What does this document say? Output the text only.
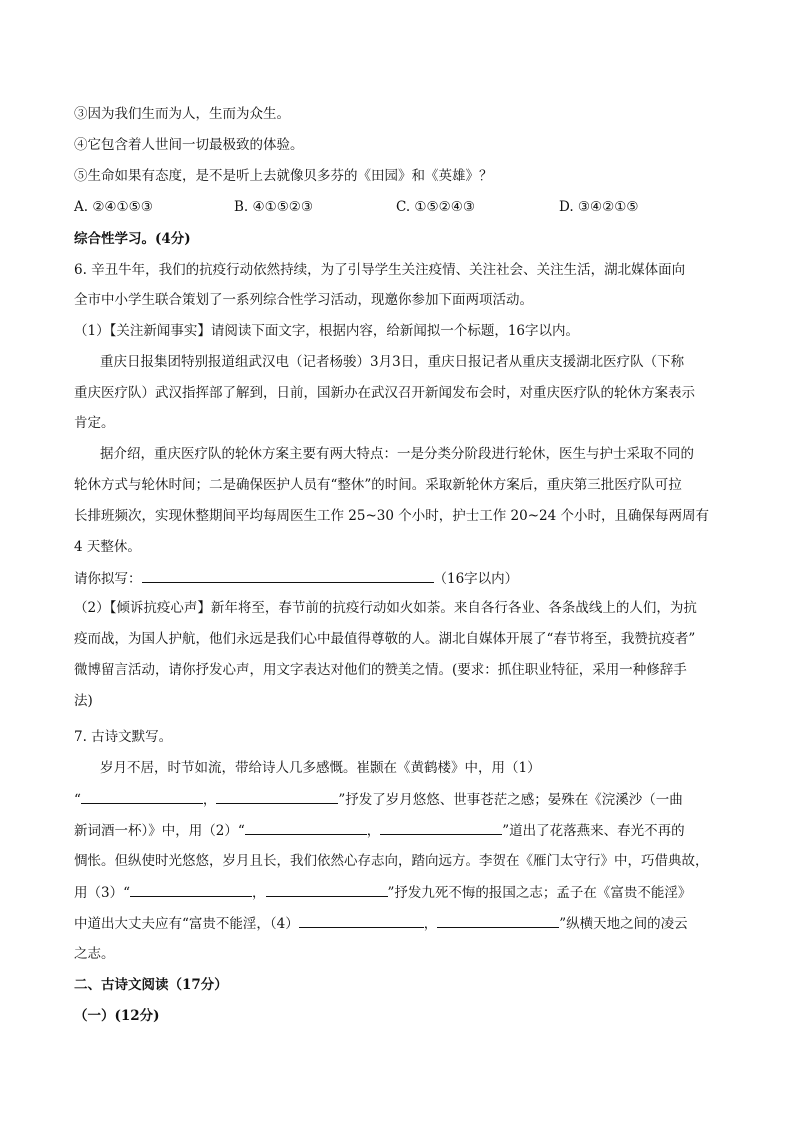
③因为我们生而为人，生而为众生。
④它包含着人世间一切最极致的体验。
⑤生命如果有态度，是不是听上去就像贝多芬的《田园》和《英雄》？
A. ②④①⑤③	B. ④①⑤②③	C. ①⑤②④③	D. ③④②①⑤
综合性学习。(4分)
6. 辛丑牛年，我们的抗疫行动依然持续，为了引导学生关注疫情、关注社会、关注生活，湖北媒体面向
全市中小学生联合策划了一系列综合性学习活动，现邀你参加下面两项活动。
（1）【关注新闻事实】请阅读下面文字，根据内容，给新闻拟一个标题，16字以内。
重庆日报集团特别报道组武汉电（记者杨骏）3月3日，重庆日报记者从重庆支援湖北医疗队（下称
重庆医疗队）武汉指挥部了解到，日前，国新办在武汉召开新闻发布会时，对重庆医疗队的轮休方案表示
肯定。
据介绍，重庆医疗队的轮休方案主要有两大特点：一是分类分阶段进行轮休，医生与护士采取不同的
轮休方式与轮休时间；二是确保医护人员有“整休”的时间。采取新轮休方案后，重庆第三批医疗队可拉
长排班频次，实现休整期间平均每周医生工作 25~30 个小时，护士工作 20~24 个小时，且确保每两周有
4 天整休。
请你拟写：	（16字以内）
（2）【倾诉抗疫心声】新年将至，春节前的抗疫行动如火如荼。来自各行各业、各条战线上的人们，为抗
疫而战，为国人护航，他们永远是我们心中最值得尊敬的人。湖北自媒体开展了“春节将至，我赞抗疫者”
微博留言活动，请你抒发心声，用文字表达对他们的赞美之情。(要求：抓住职业特征，采用一种修辞手
法)
7. 古诗文默写。
岁月不居，时节如流，带给诗人几多感慨。崔颢在《黄鹤楼》中，用（1）
“	，	”抒发了岁月悠悠、世事苍茫之感；晏殊在《浣溪沙（一曲
新词酒一杯）》中，用（2）“	，	”道出了花落燕来、春光不再的
惆怅。但纵使时光悠悠，岁月且长，我们依然心存志向，踏向远方。李贺在《雁门太守行》中，巧借典故，
用（3）“	，	”抒发九死不悔的报国之志；孟子在《富贵不能淫》
中道出大丈夫应有“富贵不能淫，（4）	，	”纵横天地之间的凌云
之志。
二、古诗文阅读（17分）
（一）(12分)
